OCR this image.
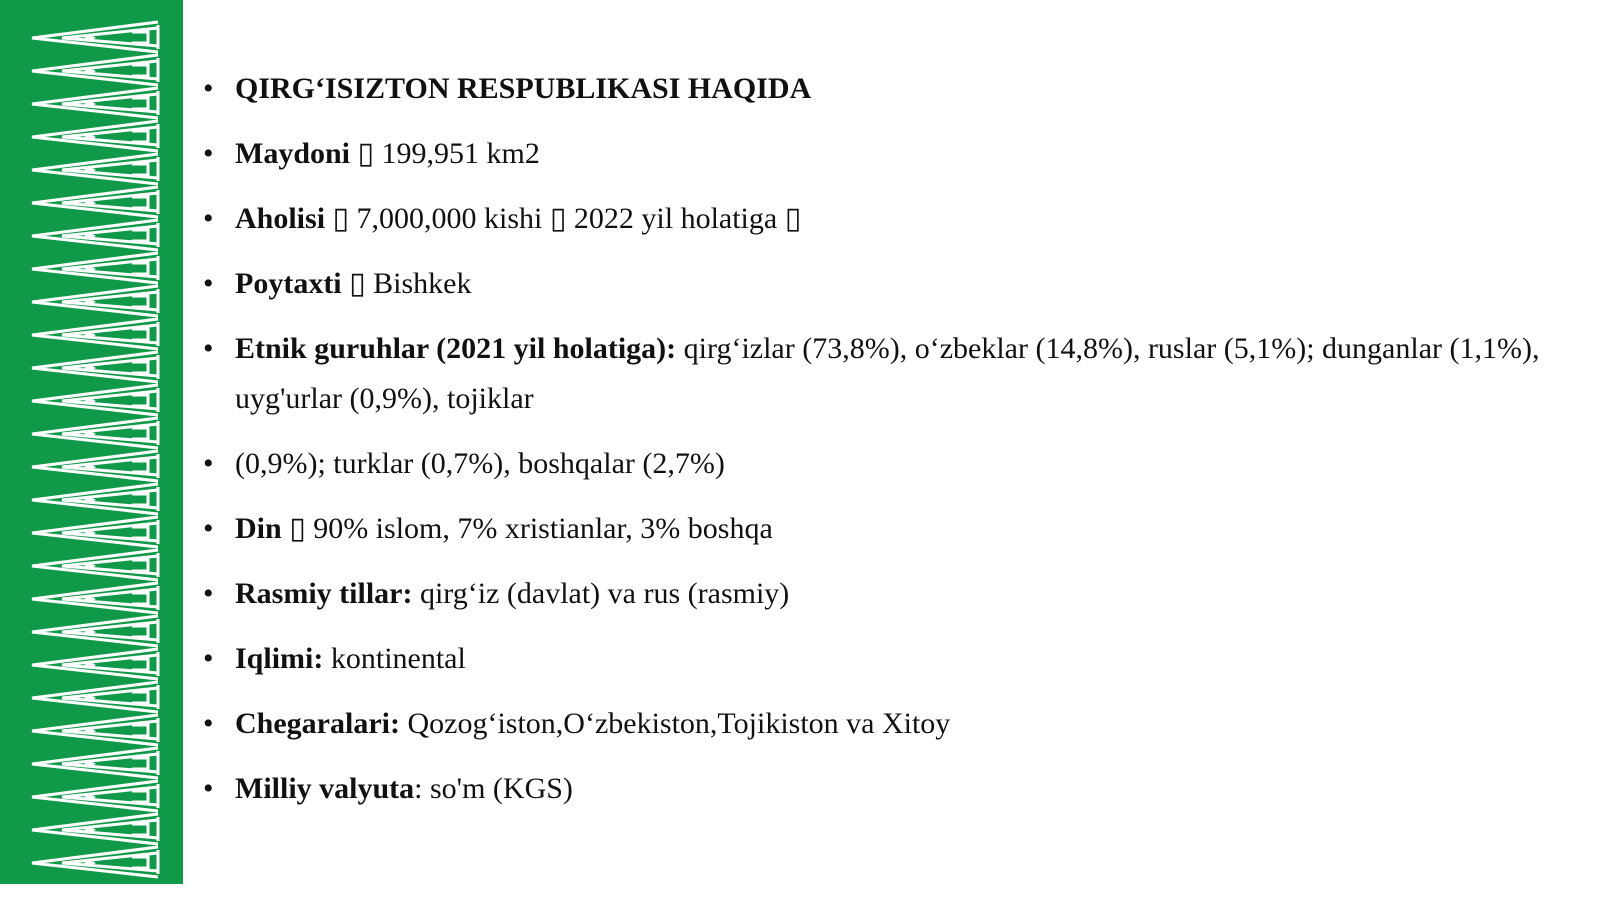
• QIRG‘ISIZTON RESPUBLIKASI HAQIDA
• Maydoni ▯ 199,951 km2
• Aholisi ▯ 7,000,000 kishi ▯ 2022 yil holatiga ▯
• Poytaxti ▯ Bishkek
• Etnik guruhlar (2021 yil holatiga): qirg‘izlar (73,8%), o‘zbeklar (14,8%), ruslar (5,1%); dunganlar (1,1%), uyg'urlar (0,9%), tojiklar
• (0,9%); turklar (0,7%), boshqalar (2,7%)
• Din ▯ 90% islom, 7% xristianlar, 3% boshqa
• Rasmiy tillar: qirg‘iz (davlat) va rus (rasmiy)
• Iqlimi: kontinental
• Chegaralari: Qozog‘iston,O‘zbekiston,Tojikiston va Xitoy
• Milliy valyuta: so'm (KGS)
